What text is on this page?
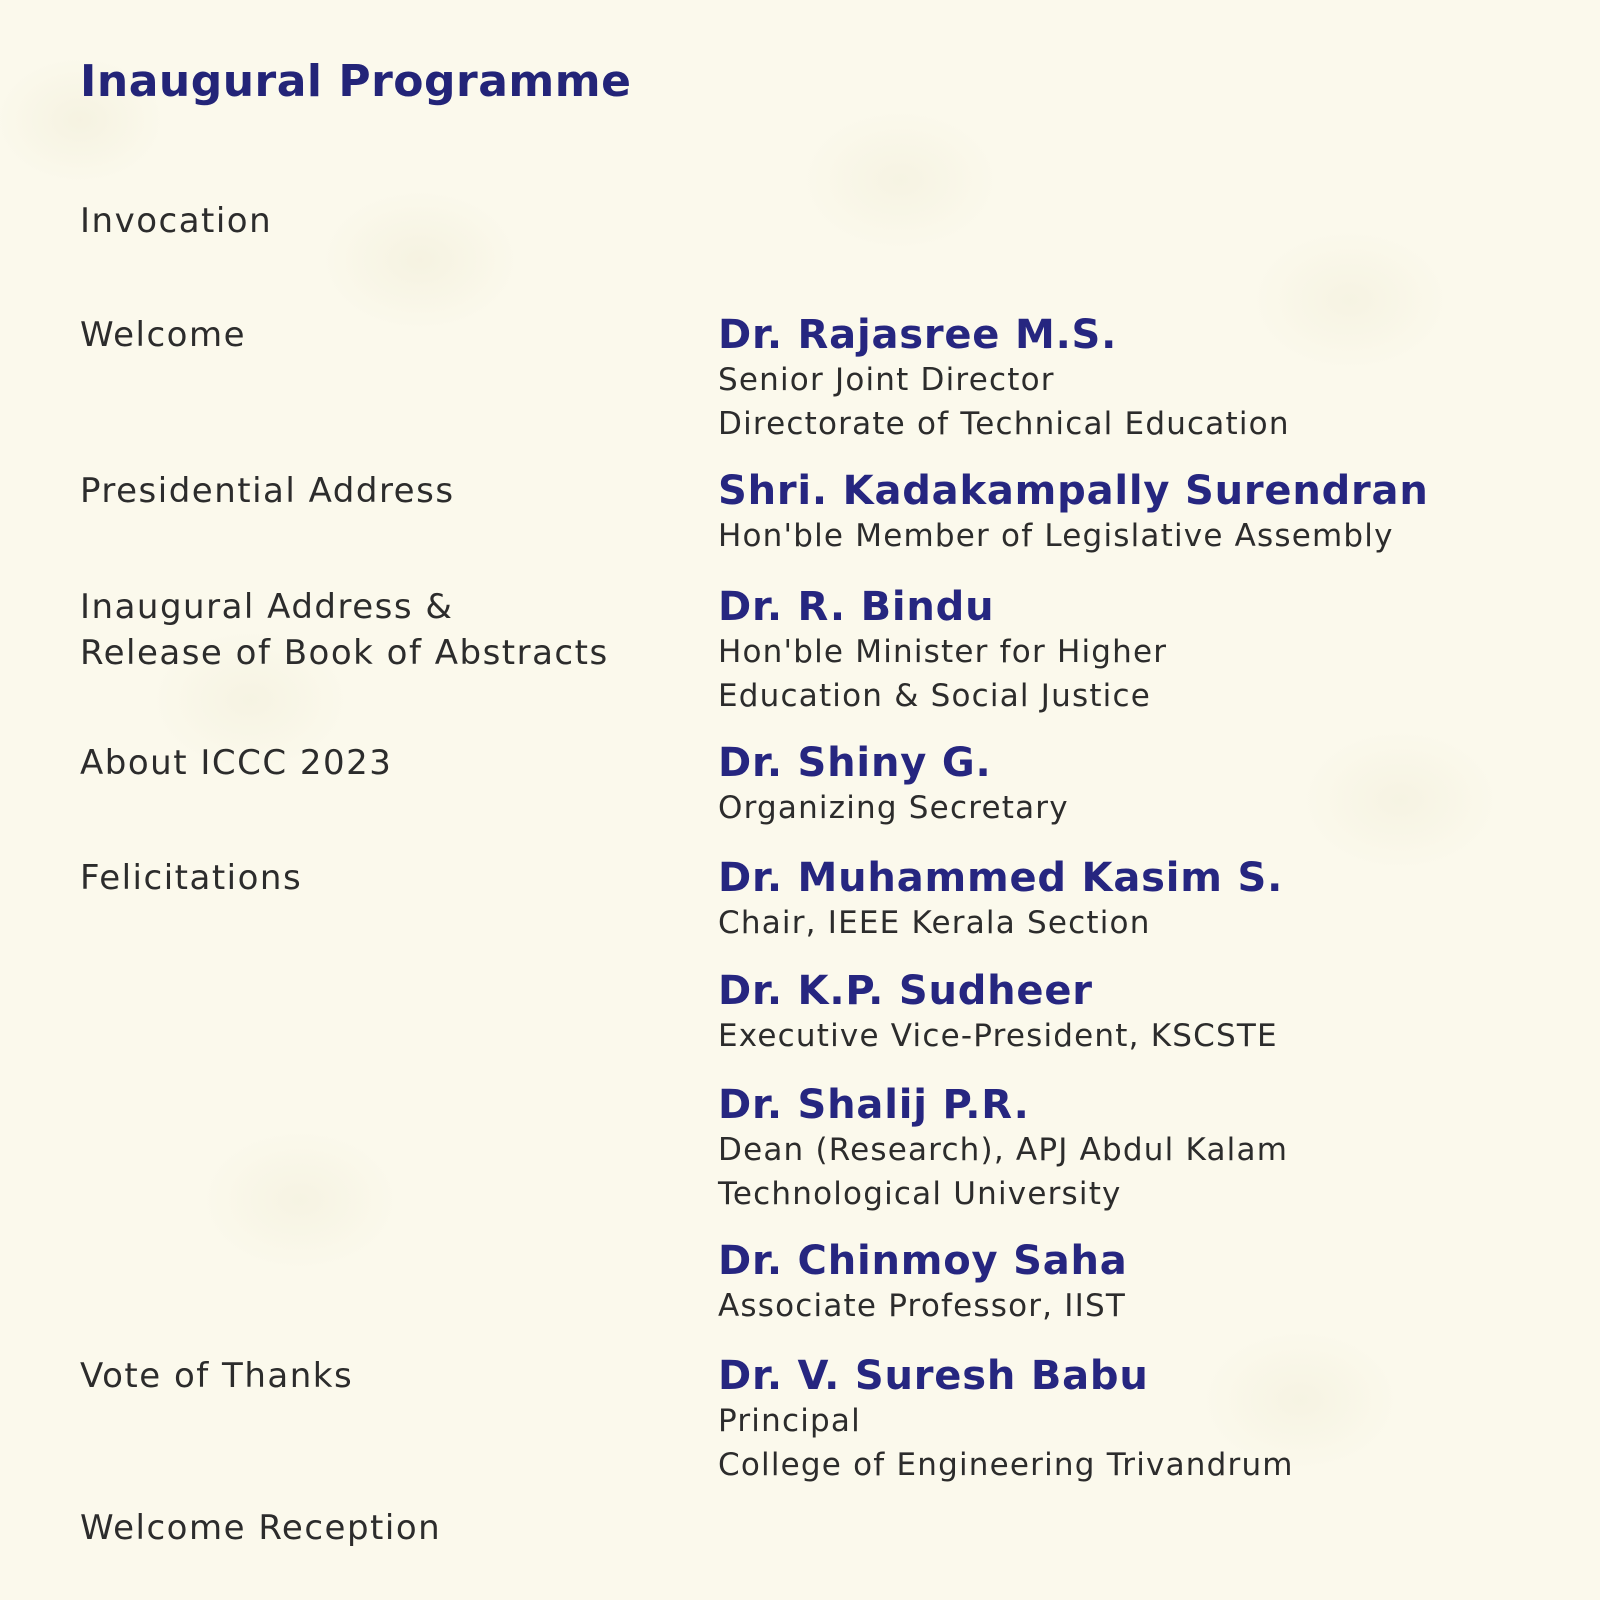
Inaugural Programme
Invocation
Welcome
Presidential Address
Inaugural Address &
Release of Book of Abstracts
About ICCC 2023
Felicitations
Vote of Thanks
Welcome Reception
Dr. Rajasree M.S.
Senior Joint Director
Directorate of Technical Education
Shri. Kadakampally Surendran
Hon'ble Member of Legislative Assembly
Dr. R. Bindu
Hon'ble Minister for Higher
Education & Social Justice
Dr. Shiny G.
Organizing Secretary
Dr. Muhammed Kasim S.
Chair, IEEE Kerala Section
Dr. K.P. Sudheer
Executive Vice-President, KSCSTE
Dr. Shalij P.R.
Dean (Research), APJ Abdul Kalam
Technological University
Dr. Chinmoy Saha
Associate Professor, IIST
Dr. V. Suresh Babu
Principal
College of Engineering Trivandrum
